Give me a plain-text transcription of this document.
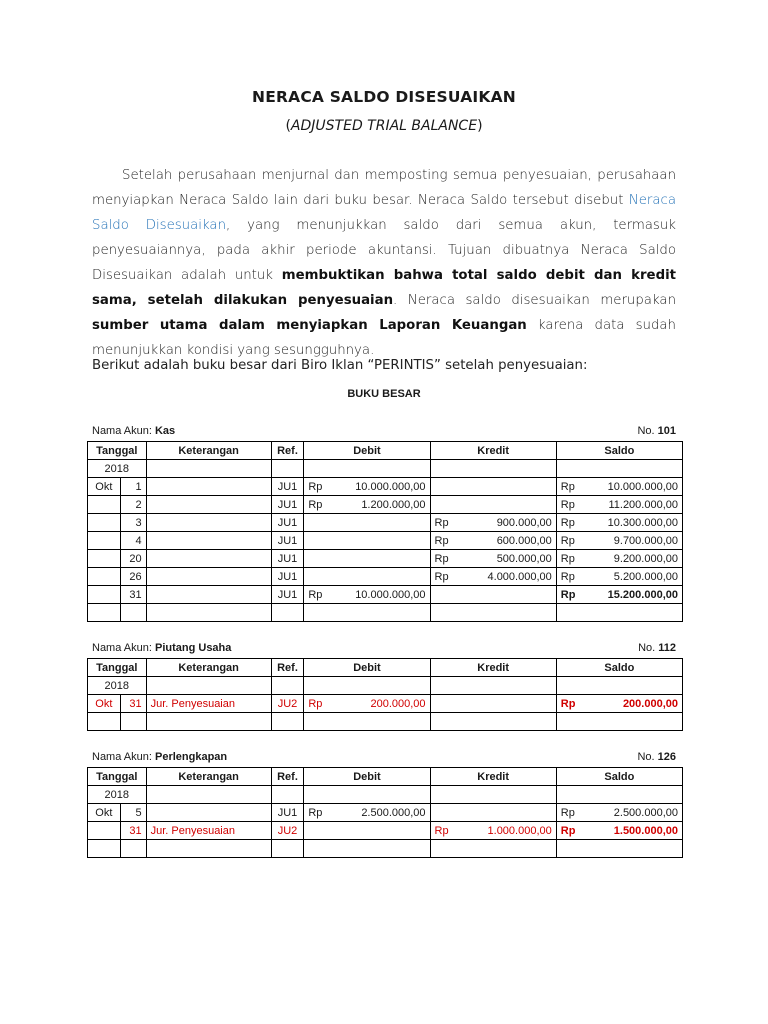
NERACA SALDO DISESUAIKAN
(ADJUSTED TRIAL BALANCE)

Setelah perusahaan menjurnal dan memposting semua penyesuaian, perusahaan menyiapkan Neraca Saldo lain dari buku besar. Neraca Saldo tersebut disebut Neraca Saldo Disesuaikan, yang menunjukkan saldo dari semua akun, termasuk penyesuaiannya, pada akhir periode akuntansi. Tujuan dibuatnya Neraca Saldo Disesuaikan adalah untuk membuktikan bahwa total saldo debit dan kredit sama, setelah dilakukan penyesuaian. Neraca saldo disesuaikan merupakan sumber utama dalam menyiapkan Laporan Keuangan karena data sudah menunjukkan kondisi yang sesungguhnya.

Berikut adalah buku besar dari Biro Iklan “PERINTIS” setelah penyesuaian:
BUKU BESAR
Nama Akun: Kas	No. 101
Tanggal		Keterangan	Ref.	Debit	Kredit	Saldo
2018						
Okt	1		JU1	Rp 10.000.000,00		Rp 10.000.000,00

	2		JU1	Rp 1.200.000,00		Rp 11.200.000,00

	3		JU1		Rp 900.000,00	Rp 10.300.000,00

	4		JU1		Rp 600.000,00	Rp 9.700.000,00

	20		JU1		Rp 500.000,00	Rp 9.200.000,00

	26		JU1		Rp 4.000.000,00	Rp 5.200.000,00

	31		JU1	Rp 10.000.000,00		Rp 15.200.000,00

Nama Akun: Piutang Usaha	No. 112
Tanggal		Keterangan	Ref.	Debit	Kredit	Saldo
2018						
Okt	31	Jur. Penyesuaian	JU2	Rp 200.000,00		Rp 200.000,00

Nama Akun: Perlengkapan	No. 126
Tanggal		Keterangan	Ref.	Debit	Kredit	Saldo
2018						
Okt	5		JU1	Rp 2.500.000,00		Rp 2.500.000,00

	31	Jur. Penyesuaian	JU2		Rp 1.000.000,00	Rp 1.500.000,00
